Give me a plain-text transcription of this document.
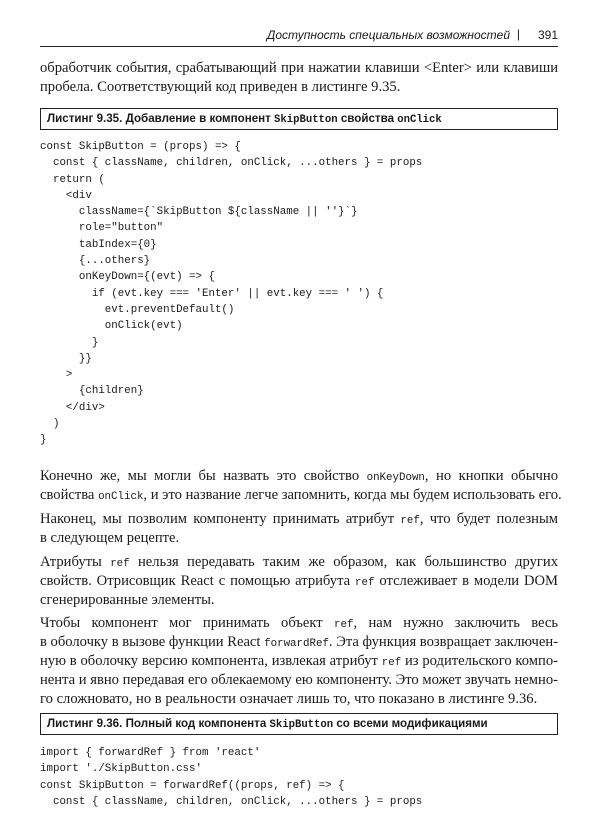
Доступность специальных возможностей | 391

обработчик события, срабатывающий при нажатии клавиши <Enter> или клавиши
пробела. Соответствующий код приведен в листинге 9.35.

Листинг 9.35. Добавление в компонент SkipButton свойства onClick
const SkipButton = (props) => {
const { className, children, onClick, ...others } = props
return (
<div
className={`SkipButton ${className || ''}`}
role="button"
tabIndex={0}
{...others}
onKeyDown={(evt) => {
if (evt.key === 'Enter' || evt.key === ' ') {
evt.preventDefault()
onClick(evt)
}
}}
>
{children}
</div>
)
}

Конечно же, мы могли бы назвать это свойство onKeyDown, но кнопки обычно
свойства onClick, и это название легче запомнить, когда мы будем использовать его.

Наконец, мы позволим компоненту принимать атрибут ref, что будет полезным
в следующем рецепте.

Атрибуты ref нельзя передавать таким же образом, как большинство других
свойств. Отрисовщик React с помощью атрибута ref отслеживает в модели DOM
сгенерированные элементы.

Чтобы компонент мог принимать объект ref, нам нужно заключить весь
в оболочку в вызове функции React forwardRef. Эта функция возвращает заключен-
ную в оболочку версию компонента, извлекая атрибут ref из родительского компо-
нента и явно передавая его облекаемому ею компоненту. Это может звучать немно-
го сложновато, но в реальности означает лишь то, что показано в листинге 9.36.

Листинг 9.36. Полный код компонента SkipButton со всеми модификациями
import { forwardRef } from 'react'
import './SkipButton.css'
const SkipButton = forwardRef((props, ref) => {
const { className, children, onClick, ...others } = props
